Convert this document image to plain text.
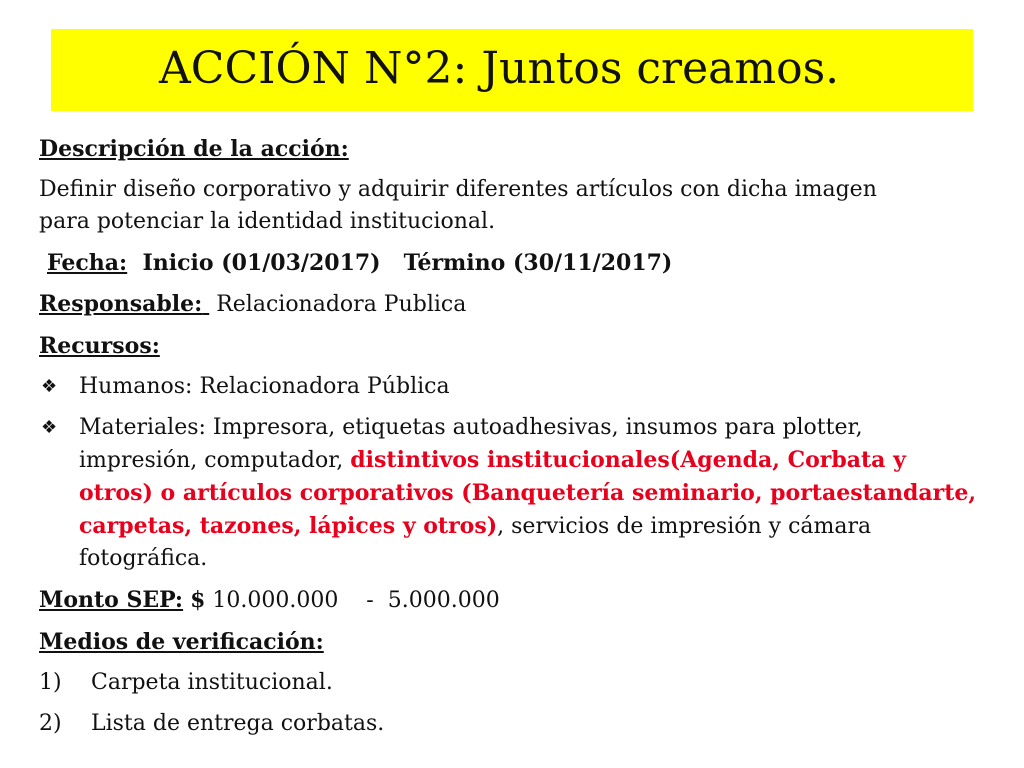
ACCIÓN N°2: Juntos creamos.
Descripción de la acción:
Definir diseño corporativo y adquirir diferentes artículos con dicha imagen
para potenciar la identidad institucional.
Fecha: Inicio (01/03/2017) Término (30/11/2017)
Responsable: Relacionadora Publica
Recursos:
❖ Humanos: Relacionadora Pública
❖ Materiales: Impresora, etiquetas autoadhesivas, insumos para plotter, impresión, computador, distintivos institucionales(Agenda, Corbata y otros) o artículos corporativos (Banquetería seminario, portaestandarte, carpetas, tazones, lápices y otros), servicios de impresión y cámara fotográfica.
Monto SEP: $ 10.000.000    -  5.000.000
Medios de verificación:
1)	Carpeta institucional.
2)	Lista de entrega corbatas.
